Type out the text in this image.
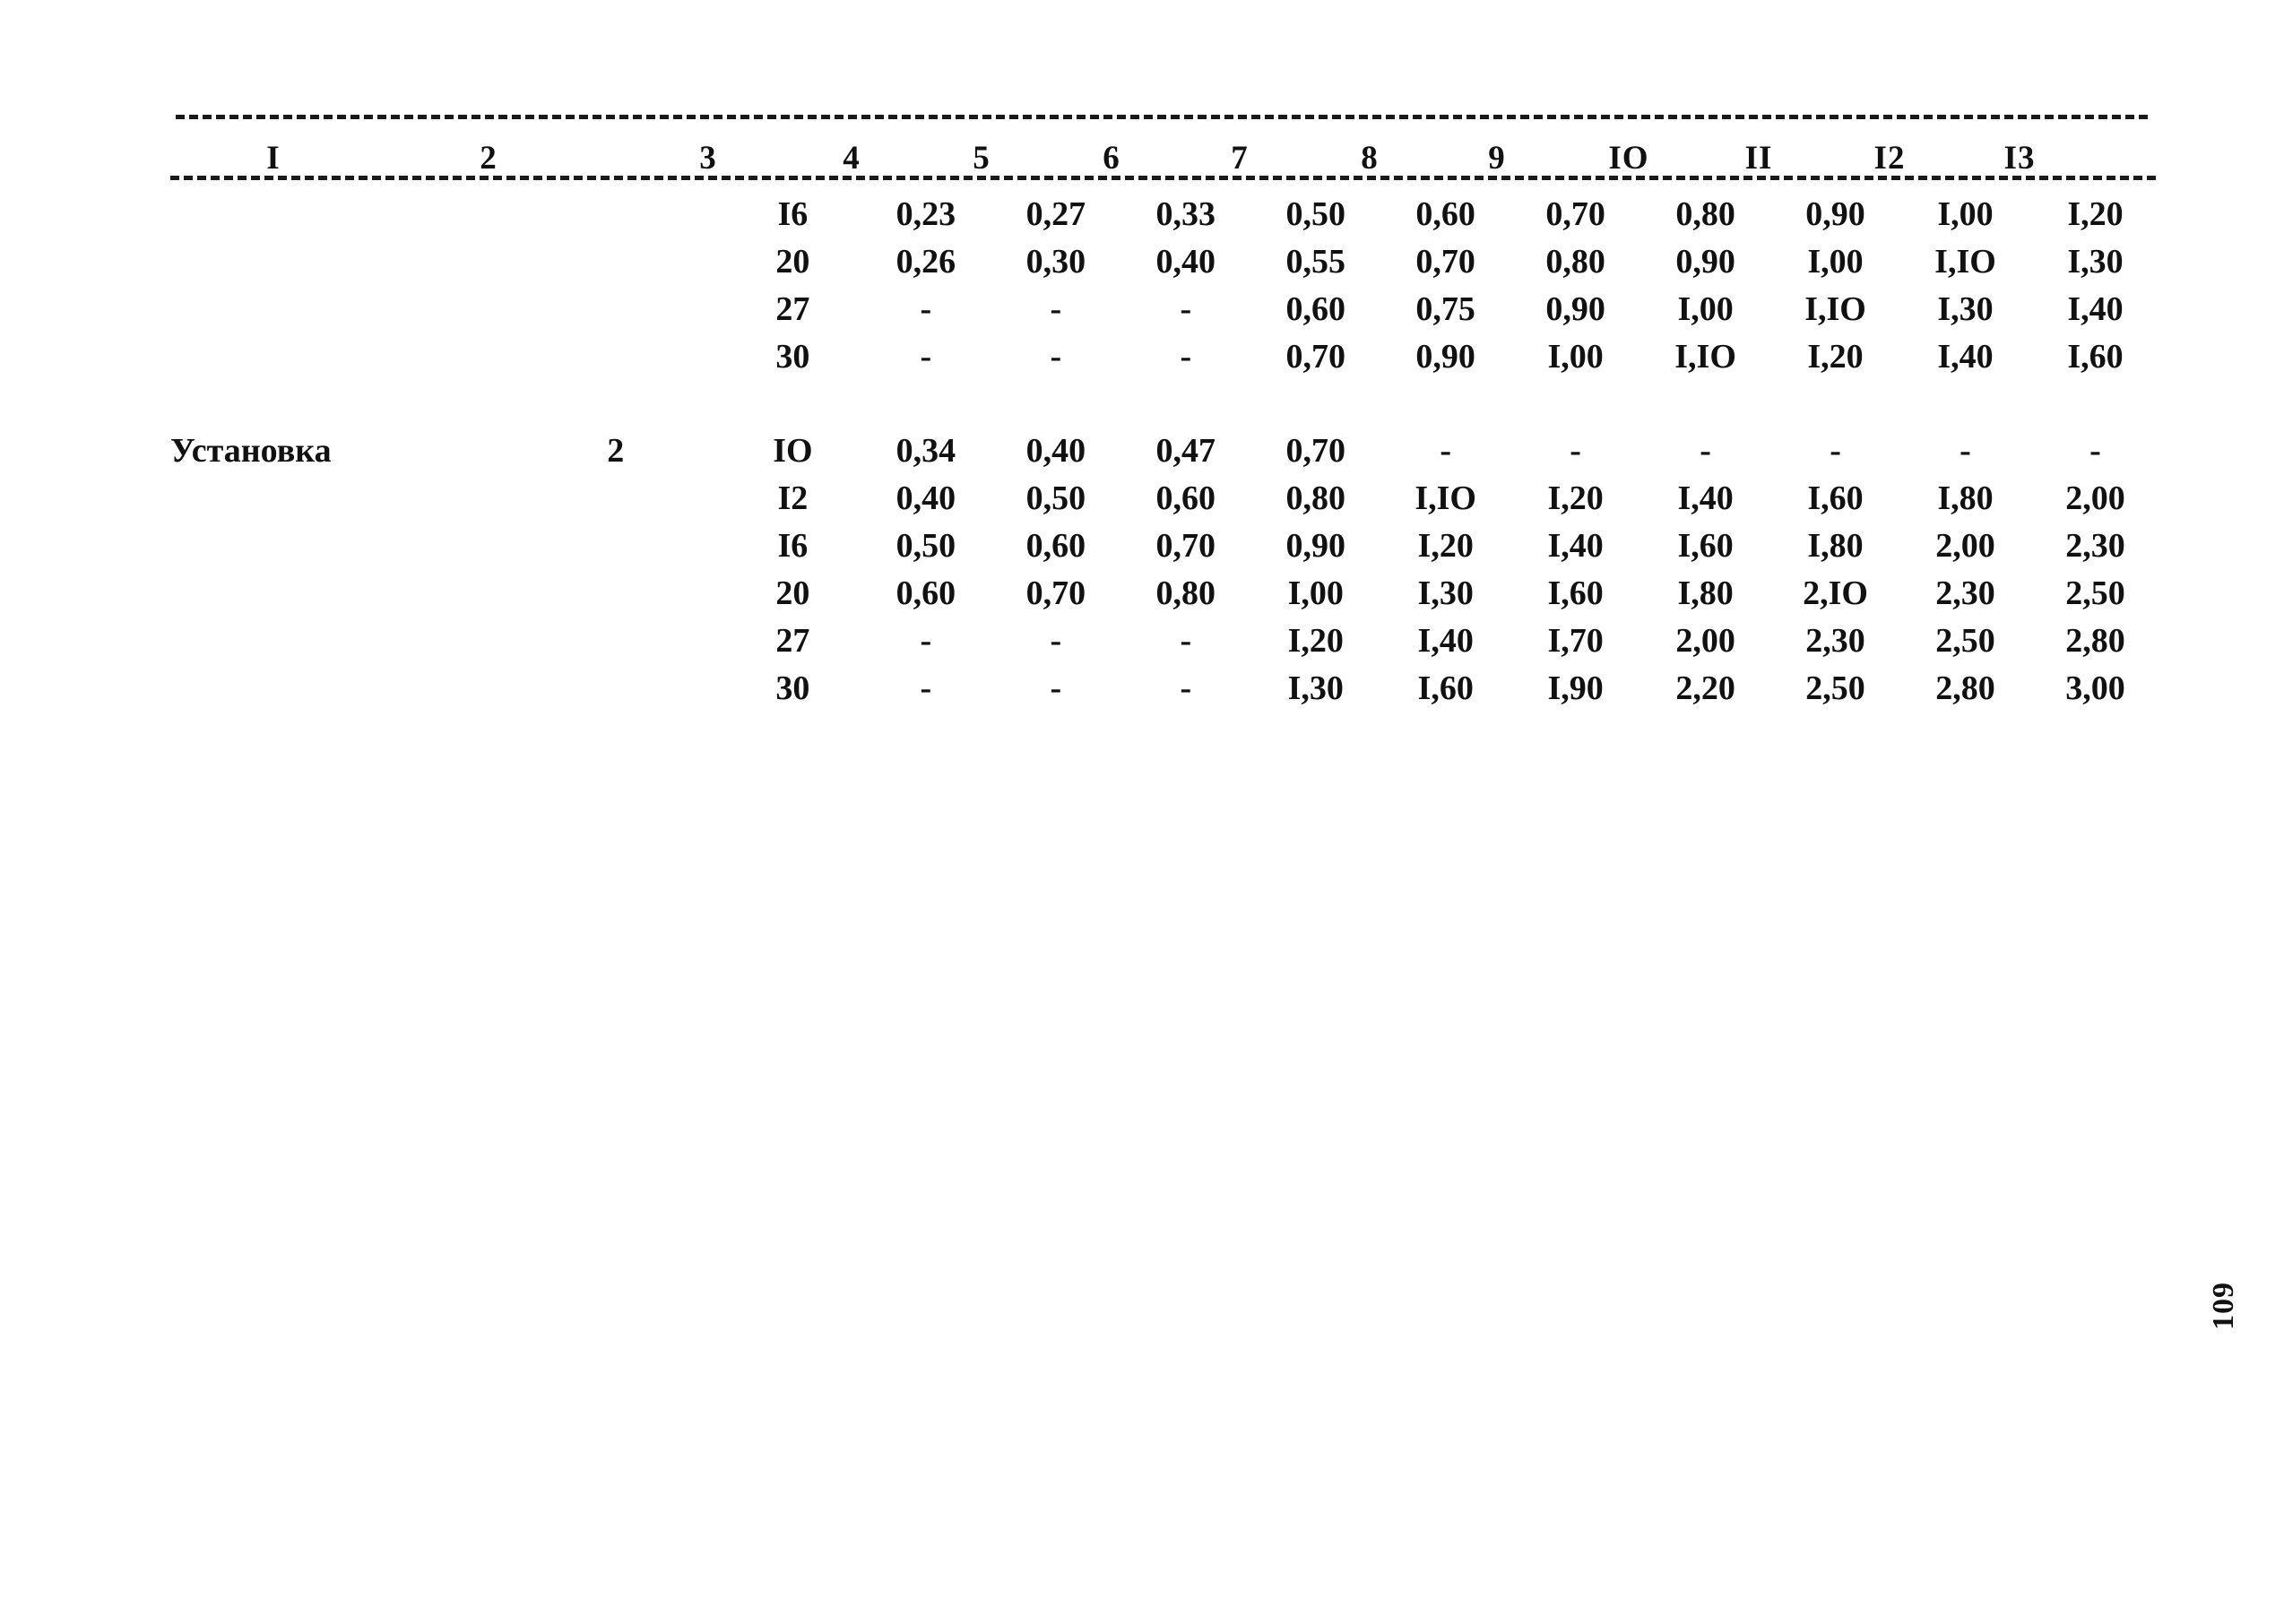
I	2	3	4	5	6	7	8	9	IO	II	I2	I3
		I6	0,23	0,27	0,33	0,50	0,60	0,70	0,80	0,90	I,00	I,20
		20	0,26	0,30	0,40	0,55	0,70	0,80	0,90	I,00	I,IO	I,30
		27	-	-	-	0,60	0,75	0,90	I,00	I,IO	I,30	I,40
		30	-	-	-	0,70	0,90	I,00	I,IO	I,20	I,40	I,60

Установка	2	IO	0,34	0,40	0,47	0,70	-	-	-	-	-	-
		I2	0,40	0,50	0,60	0,80	I,IO	I,20	I,40	I,60	I,80	2,00
		I6	0,50	0,60	0,70	0,90	I,20	I,40	I,60	I,80	2,00	2,30
		20	0,60	0,70	0,80	I,00	I,30	I,60	I,80	2,IO	2,30	2,50
		27	-	-	-	I,20	I,40	I,70	2,00	2,30	2,50	2,80
		30	-	-	-	I,30	I,60	I,90	2,20	2,50	2,80	3,00
109
